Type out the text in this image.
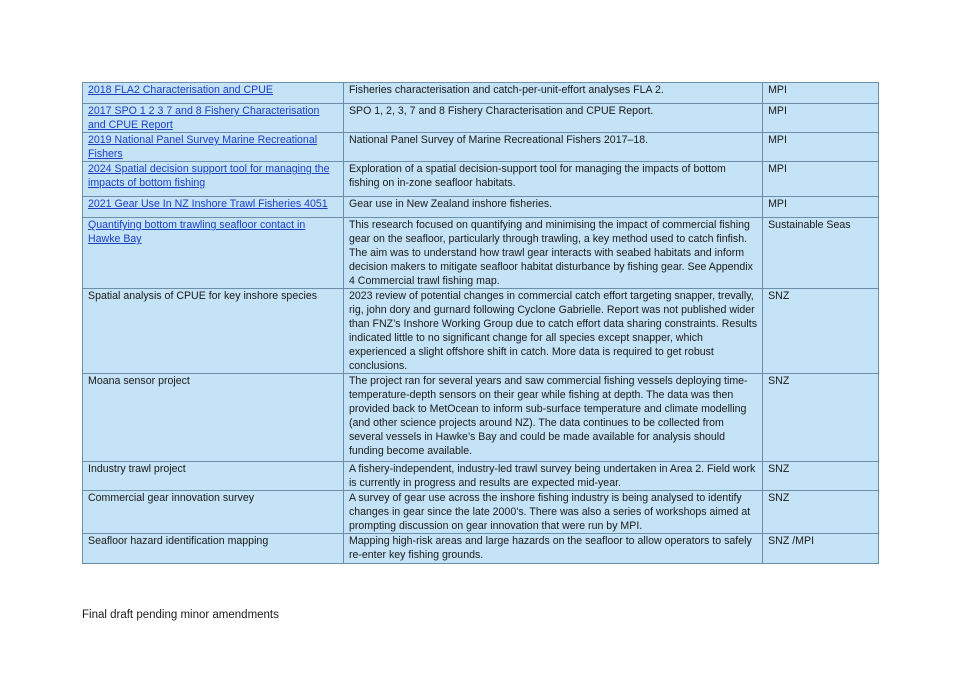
2018 FLA2 Characterisation and CPUE	Fisheries characterisation and catch-per-unit-effort analyses FLA 2.	MPI
2017 SPO 1 2 3 7 and 8 Fishery Characterisation and CPUE Report	SPO 1, 2, 3, 7 and 8 Fishery Characterisation and CPUE Report.	MPI
2019 National Panel Survey Marine Recreational Fishers	National Panel Survey of Marine Recreational Fishers 2017–18.	MPI
2024 Spatial decision support tool for managing the impacts of bottom fishing	Exploration of a spatial decision-support tool for managing the impacts of bottom fishing on in-zone seafloor habitats.	MPI
2021 Gear Use In NZ Inshore Trawl Fisheries 4051	Gear use in New Zealand inshore fisheries.	MPI
Quantifying bottom trawling seafloor contact in Hawke Bay	This research focused on quantifying and minimising the impact of commercial fishing gear on the seafloor, particularly through trawling, a key method used to catch finfish. The aim was to understand how trawl gear interacts with seabed habitats and inform decision makers to mitigate seafloor habitat disturbance by fishing gear. See Appendix 4 Commercial trawl fishing map.	Sustainable Seas
Spatial analysis of CPUE for key inshore species	2023 review of potential changes in commercial catch effort targeting snapper, trevally, rig, john dory and gurnard following Cyclone Gabrielle. Report was not published wider than FNZ’s Inshore Working Group due to catch effort data sharing constraints. Results indicated little to no significant change for all species except snapper, which experienced a slight offshore shift in catch. More data is required to get robust conclusions.	SNZ
Moana sensor project	The project ran for several years and saw commercial fishing vessels deploying time-temperature-depth sensors on their gear while fishing at depth. The data was then provided back to MetOcean to inform sub-surface temperature and climate modelling (and other science projects around NZ). The data continues to be collected from several vessels in Hawke’s Bay and could be made available for analysis should funding become available.	SNZ
Industry trawl project	A fishery-independent, industry-led trawl survey being undertaken in Area 2. Field work is currently in progress and results are expected mid-year.	SNZ
Commercial gear innovation survey	A survey of gear use across the inshore fishing industry is being analysed to identify changes in gear since the late 2000’s. There was also a series of workshops aimed at prompting discussion on gear innovation that were run by MPI.	SNZ
Seafloor hazard identification mapping	Mapping high-risk areas and large hazards on the seafloor to allow operators to safely re-enter key fishing grounds.	SNZ /MPI
Final draft pending minor amendments
